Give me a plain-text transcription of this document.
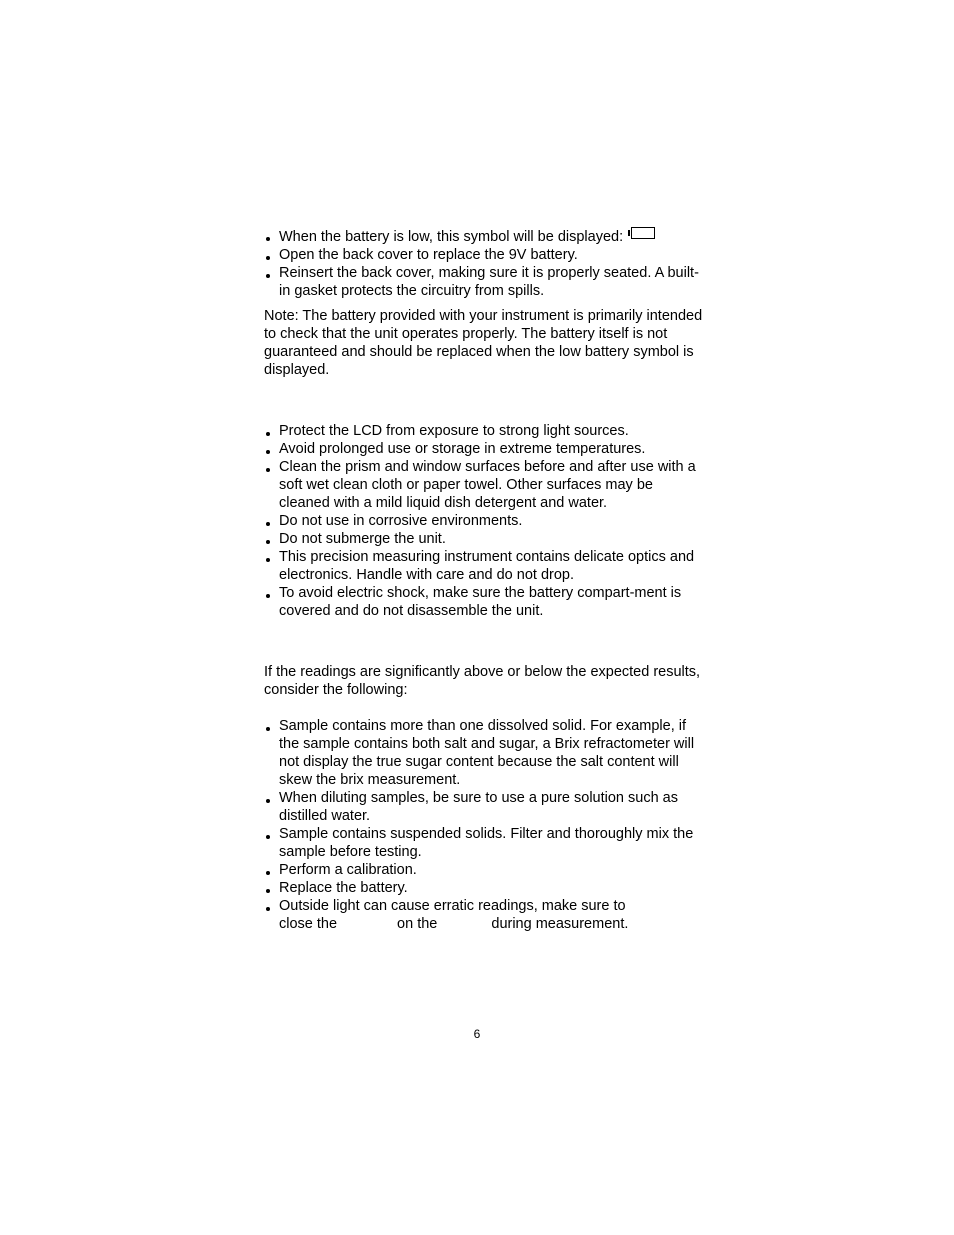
When the battery is low, this symbol will be displayed:
Open the back cover to replace the 9V battery.
Reinsert the back cover, making sure it is properly seated. A built-in gasket protects the circuitry from spills.

Note: The battery provided with your instrument is primarily intended to check that the unit operates properly. The battery itself is not guaranteed and should be replaced when the low battery symbol is displayed.

Protect the LCD from exposure to strong light sources.
Avoid prolonged use or storage in extreme temperatures.
Clean the prism and window surfaces before and after use with a soft wet clean cloth or paper towel. Other surfaces may be cleaned with a mild liquid dish detergent and water.
Do not use in corrosive environments.
Do not submerge the unit.
This precision measuring instrument contains delicate optics and electronics. Handle with care and do not drop.
To avoid electric shock, make sure the battery compart-ment is covered and do not disassemble the unit.

If the readings are significantly above or below the expected results, consider the following:

Sample contains more than one dissolved solid. For example, if the sample contains both salt and sugar, a Brix refractometer will not display the true sugar content because the salt content will skew the brix measurement.
When diluting samples, be sure to use a pure solution such as distilled water.
Sample contains suspended solids. Filter and thoroughly mix the sample before testing.
Perform a calibration.
Replace the battery.
Outside light can cause erratic readings, make sure to
close the	on the	during measurement.
6
